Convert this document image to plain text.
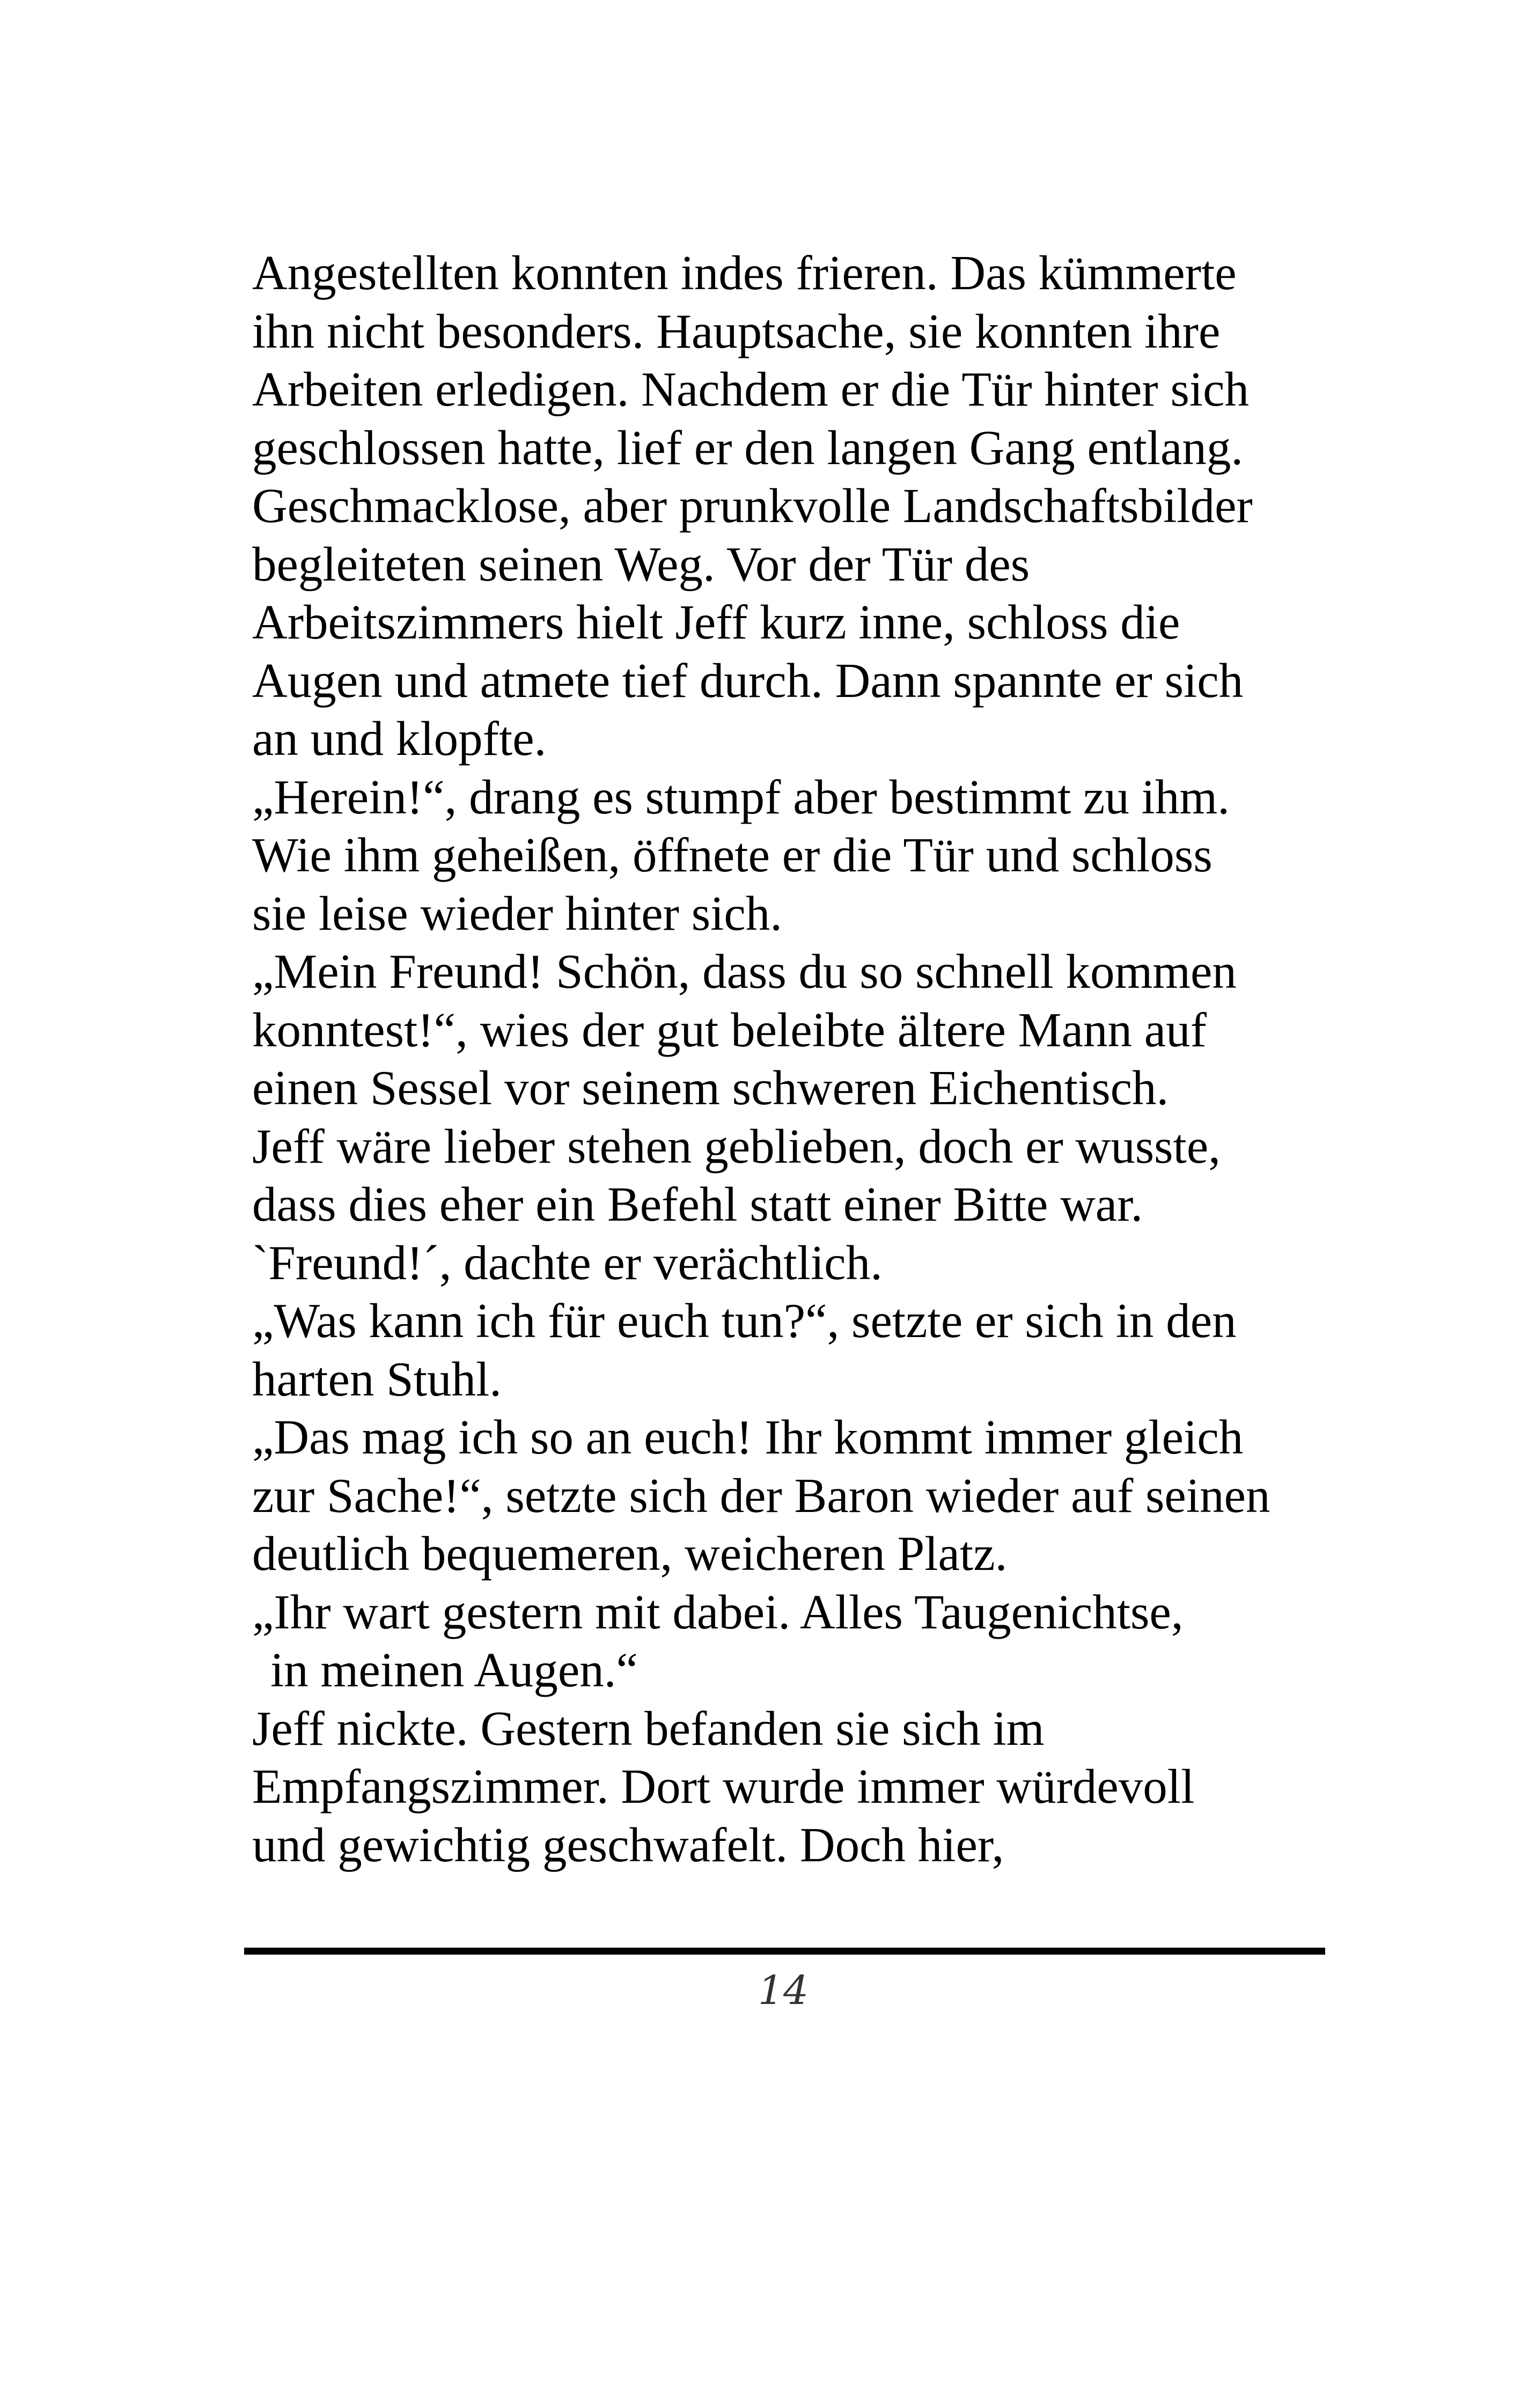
Angestellten konnten indes frieren. Das kümmerte
ihn nicht besonders. Hauptsache, sie konnten ihre
Arbeiten erledigen. Nachdem er die Tür hinter sich
geschlossen hatte, lief er den langen Gang entlang.
Geschmacklose, aber prunkvolle Landschaftsbilder
begleiteten seinen Weg. Vor der Tür des
Arbeitszimmers hielt Jeff kurz inne, schloss die
Augen und atmete tief durch. Dann spannte er sich
an und klopfte.
„Herein!“, drang es stumpf aber bestimmt zu ihm.
Wie ihm geheißen, öffnete er die Tür und schloss
sie leise wieder hinter sich.
„Mein Freund! Schön, dass du so schnell kommen
konntest!“, wies der gut beleibte ältere Mann auf
einen Sessel vor seinem schweren Eichentisch.
Jeff wäre lieber stehen geblieben, doch er wusste,
dass dies eher ein Befehl statt einer Bitte war.
`Freund!´, dachte er verächtlich.
„Was kann ich für euch tun?“, setzte er sich in den
harten Stuhl.
„Das mag ich so an euch! Ihr kommt immer gleich
zur Sache!“, setzte sich der Baron wieder auf seinen
deutlich bequemeren, weicheren Platz.
„Ihr wart gestern mit dabei. Alles Taugenichtse,
in meinen Augen.“
Jeff nickte. Gestern befanden sie sich im
Empfangszimmer. Dort wurde immer würdevoll
und gewichtig geschwafelt. Doch hier,
14
